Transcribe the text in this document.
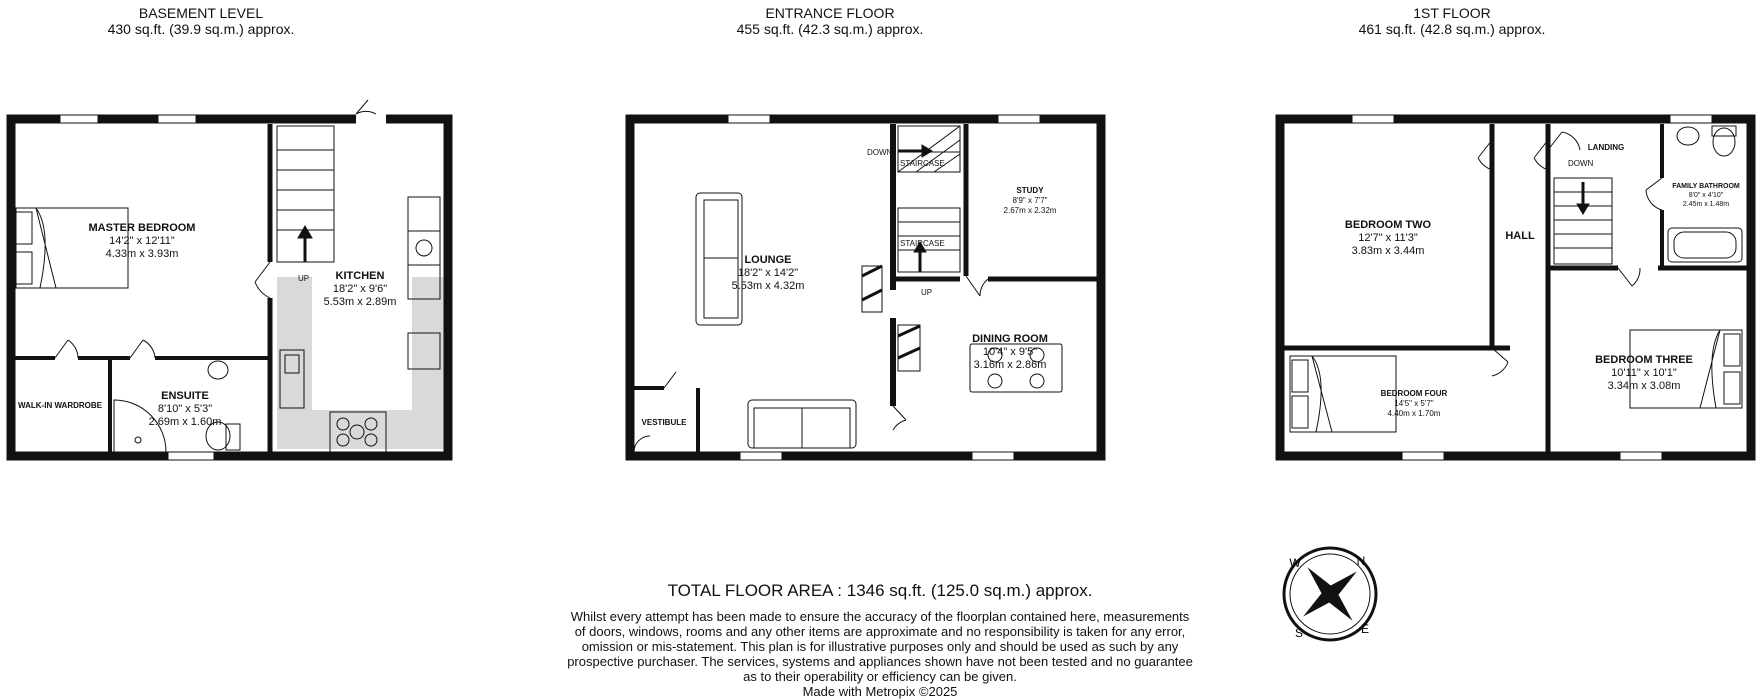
BASEMENT LEVEL
430 sq.ft. (39.9 sq.m.) approx.
ENTRANCE FLOOR
455 sq.ft. (42.3 sq.m.) approx.
1ST FLOOR
461 sq.ft. (42.8 sq.m.) approx.
MASTER BEDROOM
14'2" x 12'11"
4.33m x 3.93m
KITCHEN
18'2" x 9'6"
5.53m x 2.89m
WALK-IN WARDROBE
ENSUITE
8'10" x 5'3"
2.69m x 1.60m
UP
LOUNGE
18'2" x 14'2"
5.53m x 4.32m
STUDY
8'9" x 7'7"
2.67m x 2.32m
DINING ROOM
10'4" x 9'5"
3.16m x 2.86m
VESTIBULE
DOWN
STAIRCASE
STAIRCASE
UP
BEDROOM TWO
12'7" x 11'3"
3.83m x 3.44m
HALL
LANDING
DOWN
FAMILY BATHROOM
8'0" x 4'10"
2.45m x 1.48m
BEDROOM FOUR
14'5" x 5'7"
4.40m x 1.70m
BEDROOM THREE
10'11" x 10'1"
3.34m x 3.08m
TOTAL FLOOR AREA : 1346 sq.ft. (125.0 sq.m.) approx.
Whilst every attempt has been made to ensure the accuracy of the floorplan contained here, measurements
of doors, windows, rooms and any other items are approximate and no responsibility is taken for any error,
omission or mis-statement. This plan is for illustrative purposes only and should be used as such by any
prospective purchaser. The services, systems and appliances shown have not been tested and no guarantee
as to their operability or efficiency can be given.
Made with Metropix ©2025
N
E
S
W
